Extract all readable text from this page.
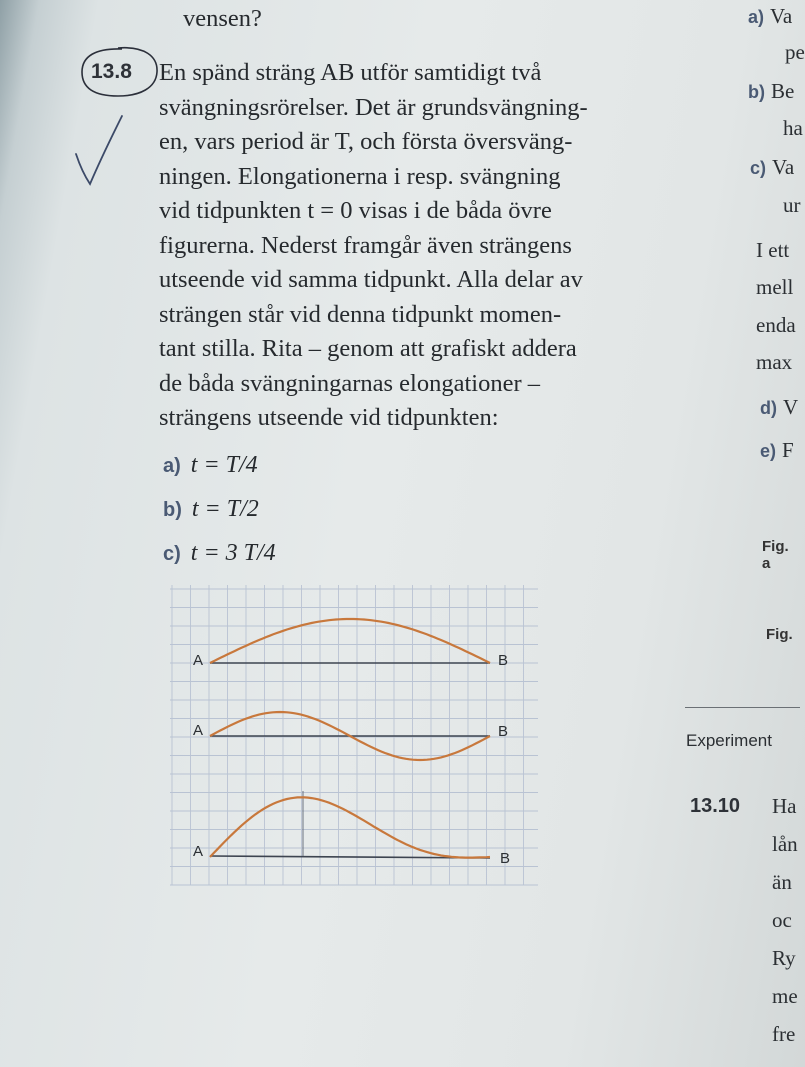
vensen?
13.8 En spänd sträng AB utför samtidigt två
svängningsrörelser. Det är grundsvängning-
en, vars period är T, och första översväng-
ningen. Elongationerna i resp. svängning
vid tidpunkten t = 0 visas i de båda övre
figurerna. Nederst framgår även strängens
utseende vid samma tidpunkt. Alla delar av
strängen står vid denna tidpunkt momen-
tant stilla. Rita – genom att grafiskt addera
de båda svängningarnas elongationer –
strängens utseende vid tidpunkten:
a) t = T/4
b) t = T/2
c) t = 3 T/4
A	B
A	B
A	B
a) Va
pe
b) Be
ha
c) Va
ur
I ett
mell
enda
max
d) V
e) F
Fig. a
Fig.
Experiment
13.10 Ha
lån
än
oc
Ry
me
fre
